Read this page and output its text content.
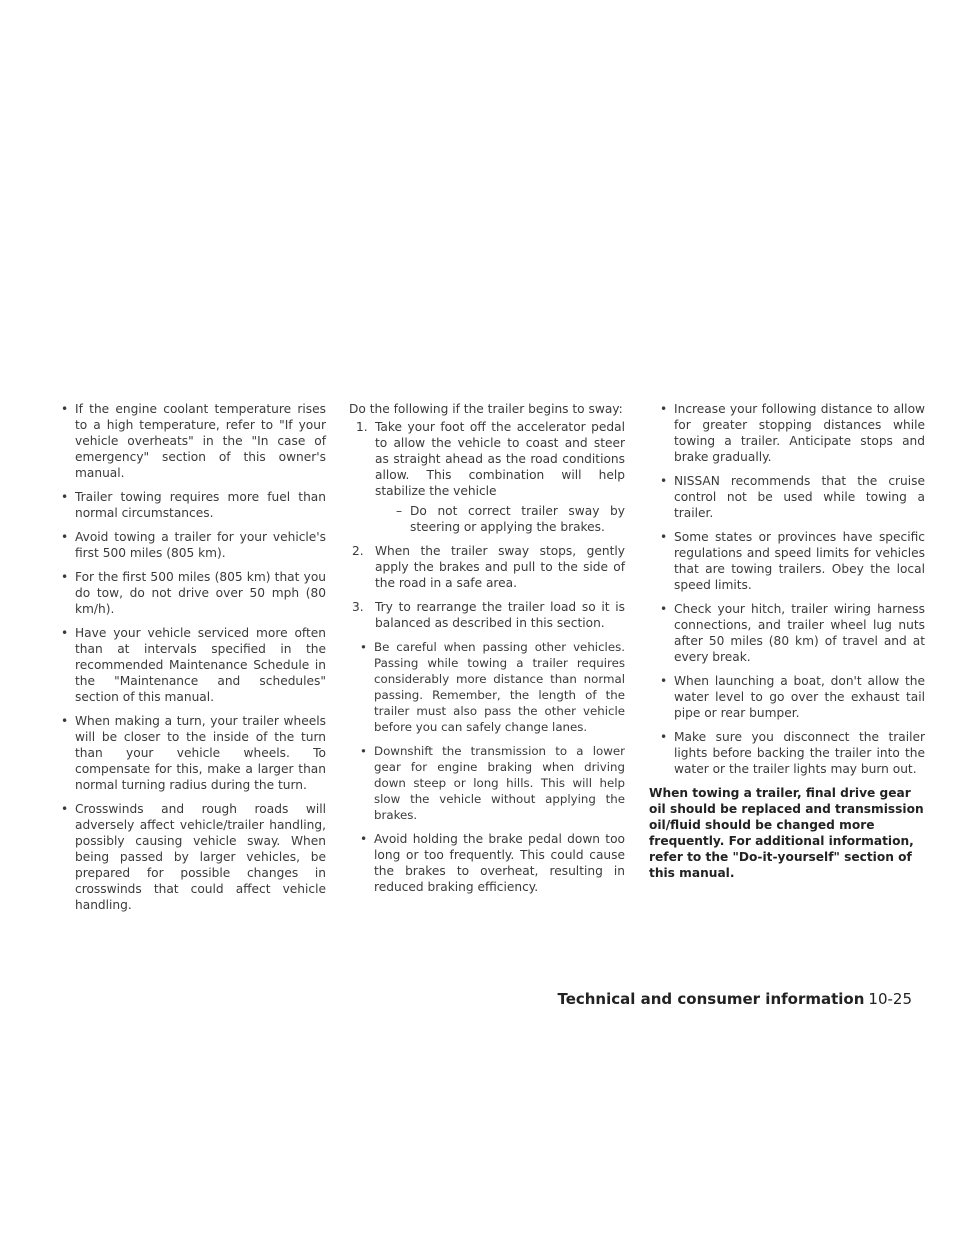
• If the engine coolant temperature rises to a high temperature, refer to "If your vehicle overheats" in the "In case of emergency" section of this owner's manual.
• Trailer towing requires more fuel than normal circumstances.
• Avoid towing a trailer for your vehicle's first 500 miles (805 km).
• For the first 500 miles (805 km) that you do tow, do not drive over 50 mph (80 km/h).
• Have your vehicle serviced more often than at intervals specified in the recommended Maintenance Schedule in the "Maintenance and schedules" section of this manual.
• When making a turn, your trailer wheels will be closer to the inside of the turn than your vehicle wheels. To compensate for this, make a larger than normal turning radius during the turn.
• Crosswinds and rough roads will adversely affect vehicle/trailer handling, possibly causing vehicle sway. When being passed by larger vehicles, be prepared for possible changes in crosswinds that could affect vehicle handling.

Do the following if the trailer begins to sway:

1. Take your foot off the accelerator pedal to allow the vehicle to coast and steer as straight ahead as the road conditions allow. This combination will help stabilize the vehicle
– Do not correct trailer sway by steering or applying the brakes.
2. When the trailer sway stops, gently apply the brakes and pull to the side of the road in a safe area.
3. Try to rearrange the trailer load so it is balanced as described in this section.
• Be careful when passing other vehicles. Passing while towing a trailer requires considerably more distance than normal passing. Remember, the length of the trailer must also pass the other vehicle before you can safely change lanes.
• Downshift the transmission to a lower gear for engine braking when driving down steep or long hills. This will help slow the vehicle without applying the brakes.
• Avoid holding the brake pedal down too long or too frequently. This could cause the brakes to overheat, resulting in reduced braking efficiency.
• Increase your following distance to allow for greater stopping distances while towing a trailer. Anticipate stops and brake gradually.
• NISSAN recommends that the cruise control not be used while towing a trailer.
• Some states or provinces have specific regulations and speed limits for vehicles that are towing trailers. Obey the local speed limits.
• Check your hitch, trailer wiring harness connections, and trailer wheel lug nuts after 50 miles (80 km) of travel and at every break.
• When launching a boat, don't allow the water level to go over the exhaust tail pipe or rear bumper.
• Make sure you disconnect the trailer lights before backing the trailer into the water or the trailer lights may burn out.

When towing a trailer, final drive gear oil should be replaced and transmission oil/fluid should be changed more frequently. For additional information, refer to the "Do-it-yourself" section of this manual.

Technical and consumer information 10-25
